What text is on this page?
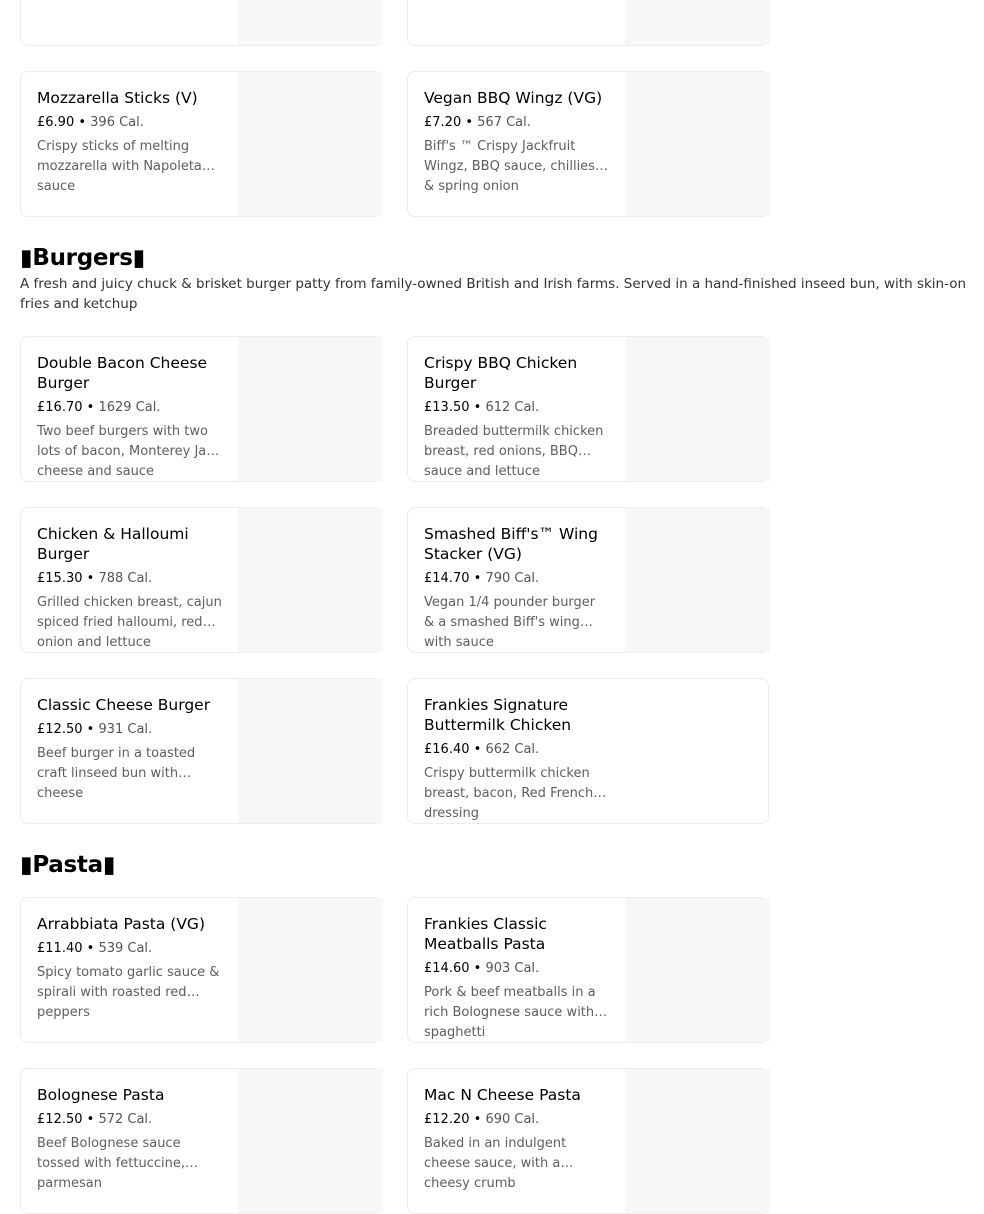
Mozzarella Sticks (V)
£6.90 • 396 Cal.
Crispy sticks of melting mozzarella with Napoletana sauce
Vegan BBQ Wingz (VG)
£7.20 • 567 Cal.
Biff's ™ Crispy Jackfruit Wingz, BBQ sauce, chillies & spring onion
▮Burgers▮
A fresh and juicy chuck & brisket burger patty from family-owned British and Irish farms. Served in a hand-finished inseed bun, with skin-on fries and ketchup
Double Bacon Cheese Burger
£16.70 • 1629 Cal.
Two beef burgers with two lots of bacon, Monterey Jack cheese and sauce
Crispy BBQ Chicken Burger
£13.50 • 612 Cal.
Breaded buttermilk chicken breast, red onions, BBQ sauce and lettuce
Chicken & Halloumi Burger
£15.30 • 788 Cal.
Grilled chicken breast, cajun spiced fried halloumi, red onion and lettuce
Smashed Biff's™ Wing Stacker (VG)
£14.70 • 790 Cal.
Vegan 1/4 pounder burger & a smashed Biff's wing with sauce
Classic Cheese Burger
£12.50 • 931 Cal.
Beef burger in a toasted craft linseed bun with cheese
Frankies Signature Buttermilk Chicken
£16.40 • 662 Cal.
Crispy buttermilk chicken breast, bacon, Red French dressing
▮Pasta▮
Arrabbiata Pasta (VG)
£11.40 • 539 Cal.
Spicy tomato garlic sauce & spirali with roasted red peppers
Frankies Classic Meatballs Pasta
£14.60 • 903 Cal.
Pork & beef meatballs in a rich Bolognese sauce with spaghetti
Bolognese Pasta
£12.50 • 572 Cal.
Beef Bolognese sauce tossed with fettuccine, parmesan
Mac N Cheese Pasta
£12.20 • 690 Cal.
Baked in an indulgent cheese sauce, with a cheesy crumb
